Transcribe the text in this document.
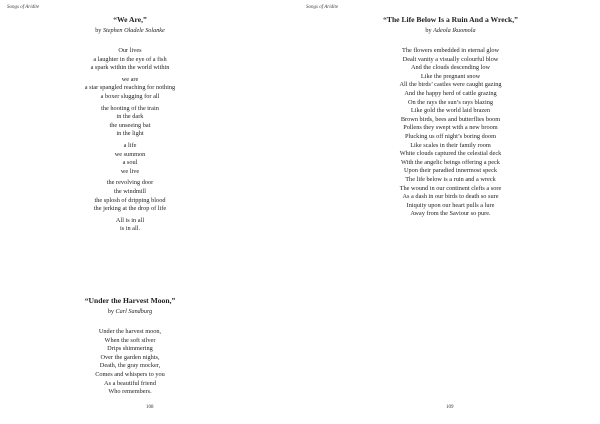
Songs of Aridite
“We Are,”
by Stephen Oladele Solanke
Our lives
a laughter in the eye of a fish
a spark within the world within
we are
a star spangled reaching for nothing
a boxer slugging for all
the hooting of the train
in the dark
the unseeing bat
in the light
a life
we summon
a soul
we live
the revolving door
the windmill
the splosh of dripping blood
the jerking at the drop of life
All is in all
is in all.
“Under the Harvest Moon,”
by Carl Sandburg
Under the harvest moon,
When the soft silver
Drips shimmering
Over the garden nights,
Death, the gray mocker,
Comes and whispers to you
As a beautiful friend
Who remembers.
108
Songs of Aridite
“The Life Below Is a Ruin And a Wreck,”
by Adeola Ikuomola
The flowers embedded in eternal glow
Dealt vanity a visually colourful blow
And the clouds descending low
Like the pregnant snow
All the birds’ castles were caught gazing
And the happy herd of cattle grazing
On the rays the sun’s rays blazing
Like gold the world laid brazen
Brown birds, bees and butterflies boom
Pollens they swept with a new broom
Plucking us off night’s boring doom
Like scales in their family room
White clouds captured the celestial deck
With the angelic beings offering a peck
Upon their paradied innermost speck
The life below is a ruin and a wreck
The wound in our continent clefts a sore
As a dash in our birds to death so sure
Iniquity upon our heart pulls a lure
Away from the Saviour so pure.
109
